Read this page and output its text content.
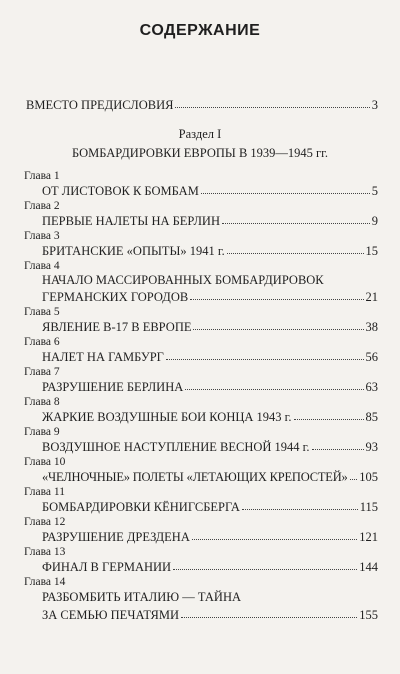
СОДЕРЖАНИЕ
ВМЕСТО ПРЕДИСЛОВИЯ	3
Раздел I
БОМБАРДИРОВКИ ЕВРОПЫ В 1939—1945 гг.
Глава 1
ОТ ЛИСТОВОК К БОМБАМ	5
Глава 2
ПЕРВЫЕ НАЛЕТЫ НА БЕРЛИН	9
Глава 3
БРИТАНСКИЕ «ОПЫТЫ» 1941 г.	15
Глава 4
НАЧАЛО МАССИРОВАННЫХ БОМБАРДИРОВОК
ГЕРМАНСКИХ ГОРОДОВ	21
Глава 5
ЯВЛЕНИЕ B-17 В ЕВРОПЕ	38
Глава 6
НАЛЕТ НА ГАМБУРГ	56
Глава 7
РАЗРУШЕНИЕ БЕРЛИНА	63
Глава 8
ЖАРКИЕ ВОЗДУШНЫЕ БОИ КОНЦА 1943 г.	85
Глава 9
ВОЗДУШНОЕ НАСТУПЛЕНИЕ ВЕСНОЙ 1944 г.	93
Глава 10
«ЧЕЛНОЧНЫЕ» ПОЛЕТЫ «ЛЕТАЮЩИХ КРЕПОСТЕЙ» 105
Глава 11
БОМБАРДИРОВКИ КЁНИГСБЕРГА	115
Глава 12
РАЗРУШЕНИЕ ДРЕЗДЕНА	121
Глава 13
ФИНАЛ В ГЕРМАНИИ	144
Глава 14
РАЗБОМБИТЬ ИТАЛИЮ — ТАЙНА
ЗА СЕМЬЮ ПЕЧАТЯМИ	155
